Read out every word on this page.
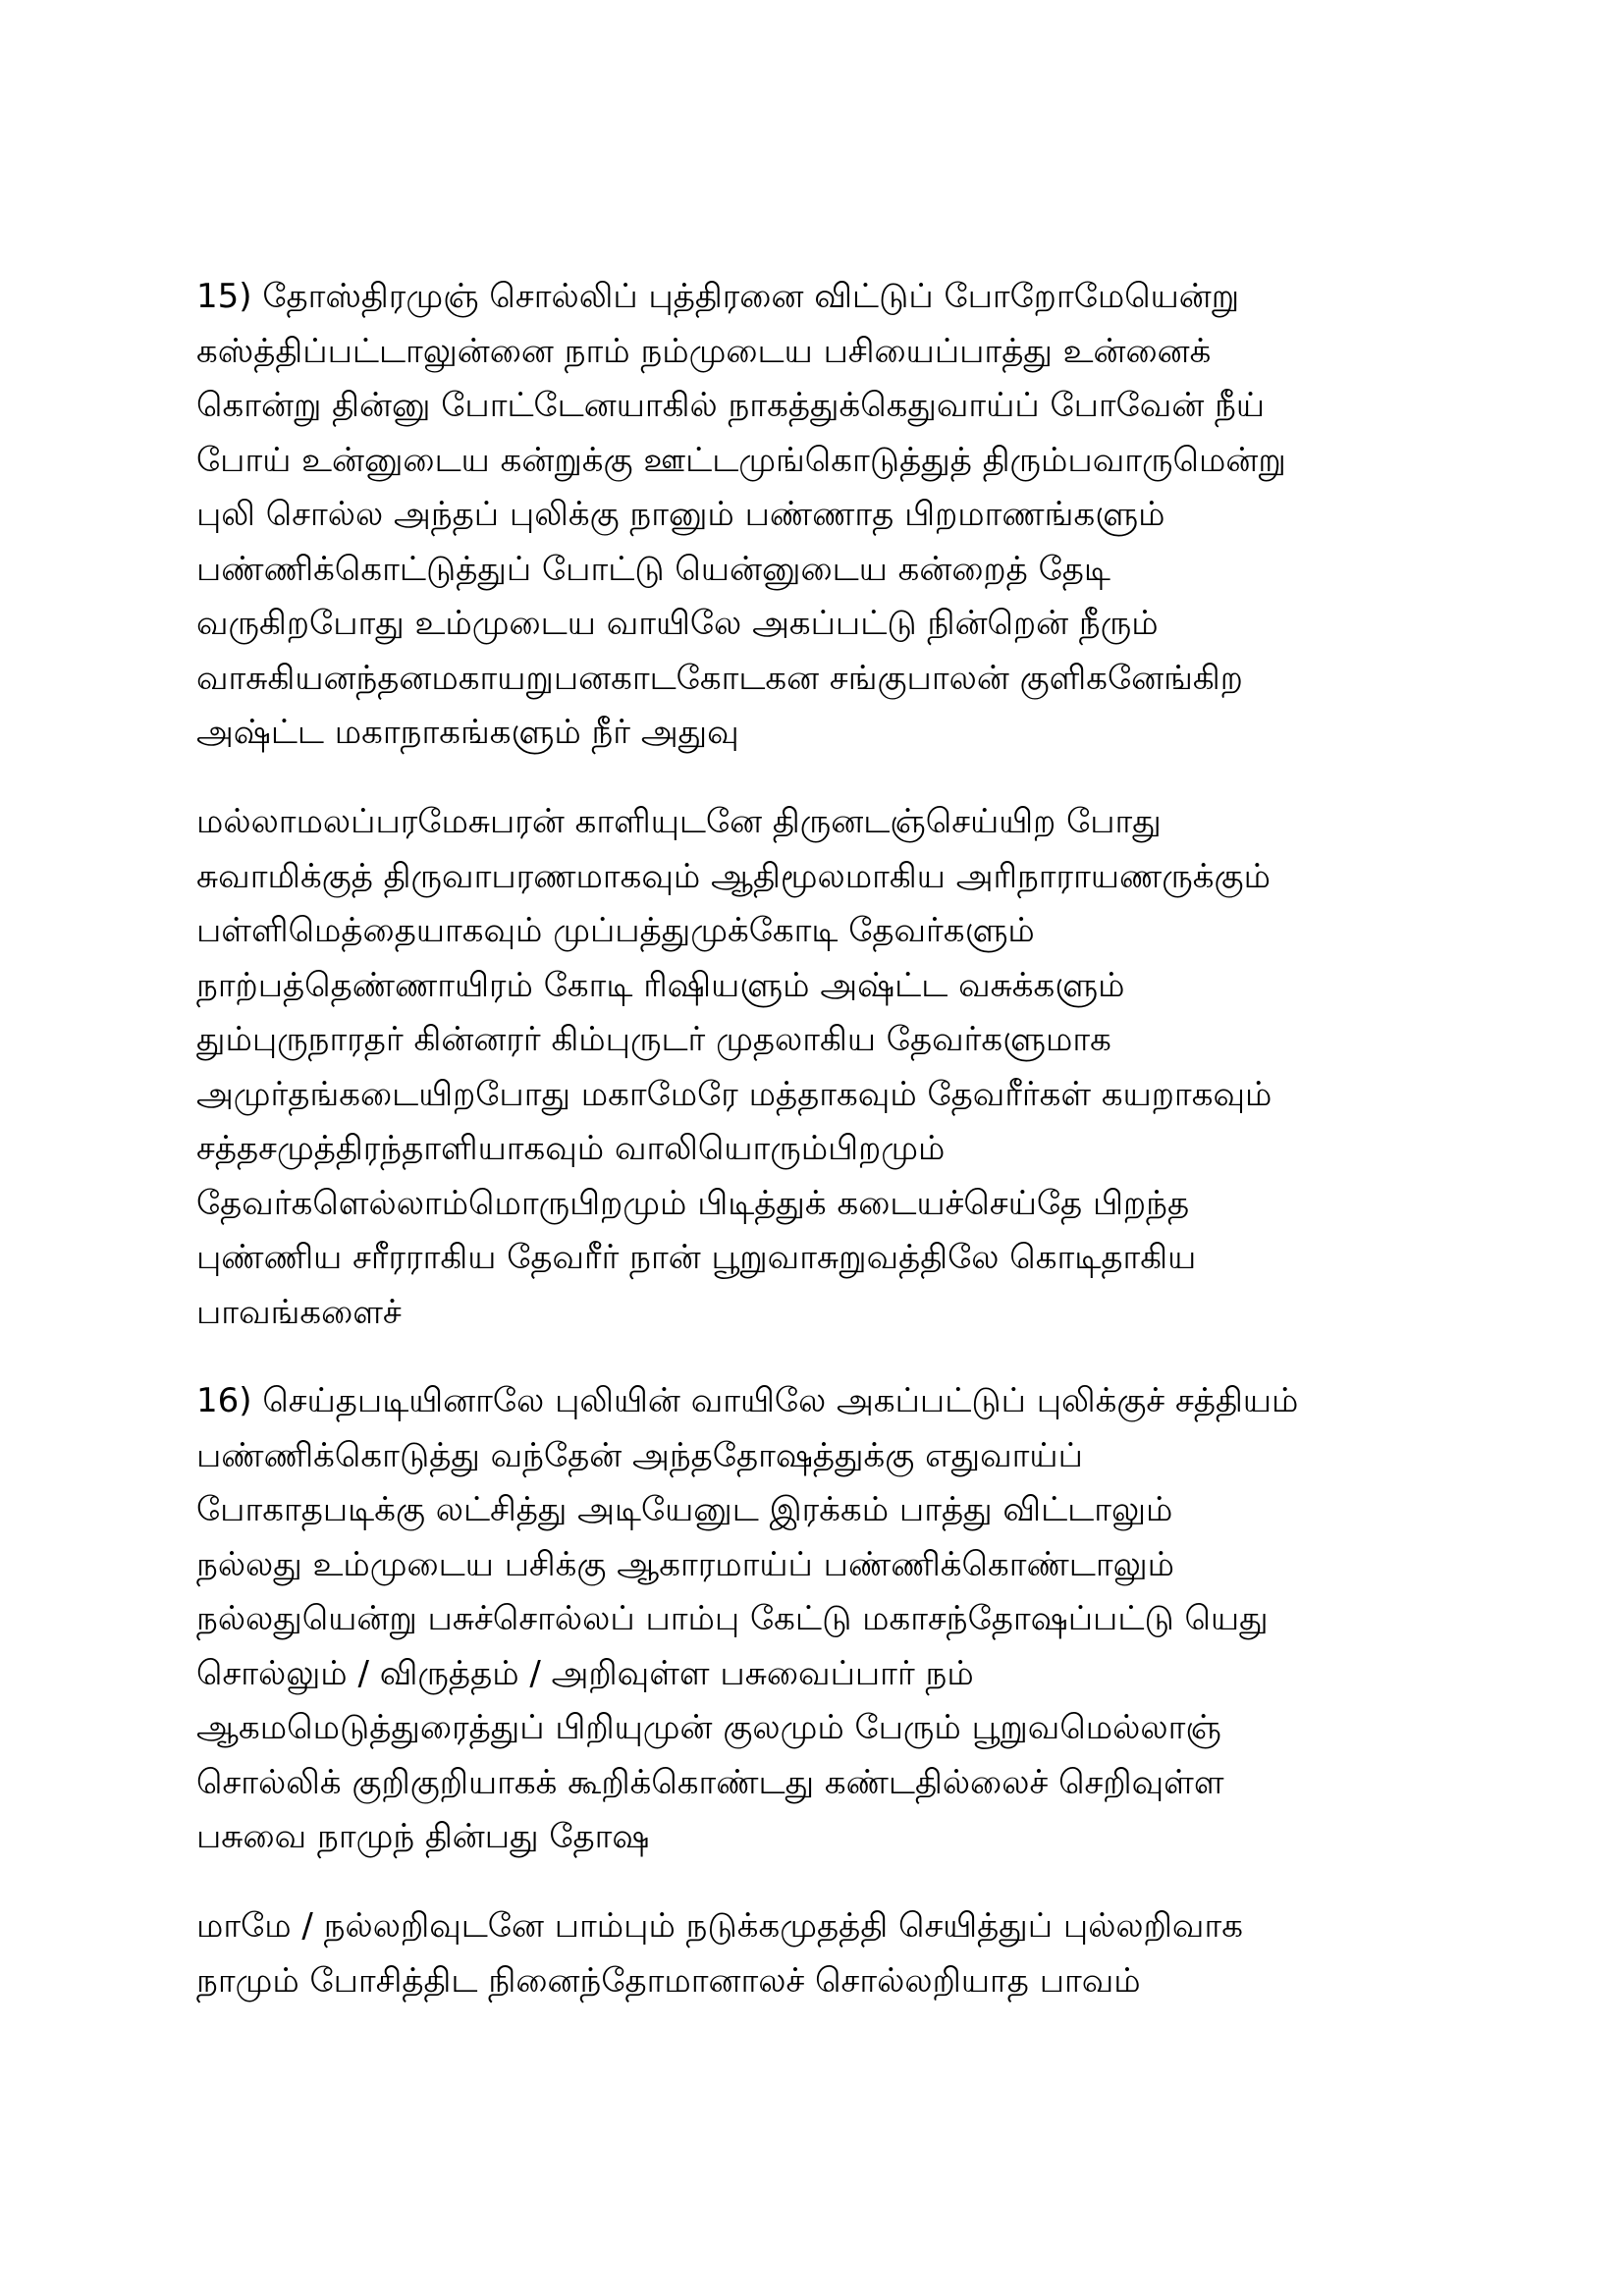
15) தோஸ்திரமுஞ் சொல்லிப் புத்திரனை விட்டுப் போறோமேயென்று
கஸ்த்திப்பட்டாலுன்னை நாம் நம்முடைய பசியைப்பாத்து உன்னைக்
கொன்று தின்னு போட்டேனயாகில் நாகத்துக்கெதுவாய்ப் போவேன் நீய்
போய் உன்னுடைய கன்றுக்கு ஊட்டமுங்கொடுத்துத் திரும்பவாருமென்று
புலி சொல்ல அந்தப் புலிக்கு நானும் பண்ணாத பிறமாணங்களும்
பண்ணிக்கொட்டுத்துப் போட்டு யென்னுடைய கன்றைத் தேடி
வருகிறபோது உம்முடைய வாயிலே அகப்பட்டு நின்றென் நீரும்
வாசுகியனந்தனமகாயறுபனகாடகோடகன சங்குபாலன் குளிகனேங்கிற
அஷ்ட்ட மகாநாகங்களும் நீர் அதுவு
மல்லாமலப்பரமேசுபரன் காளியுடனே திருனடஞ்செய்யிற போது
சுவாமிக்குத் திருவாபரணமாகவும் ஆதிமூலமாகிய அரிநாராயணருக்கும்
பள்ளிமெத்தையாகவும் முப்பத்துமுக்கோடி தேவர்களும்
நாற்பத்தெண்ணாயிரம் கோடி ரிஷியளும் அஷ்ட்ட வசுக்களும்
தும்புருநாரதர் கின்னரர் கிம்புருடர் முதலாகிய தேவர்களுமாக
அமுர்தங்கடையிறபோது மகாமேரே மத்தாகவும் தேவரீர்கள் கயறாகவும்
சத்தசமுத்திரந்தாளியாகவும் வாலியொரும்பிறமும்
தேவர்களெல்லாம்மொருபிறமும் பிடித்துக் கடையச்செய்தே பிறந்த
புண்ணிய சரீரராகிய தேவரீர் நான் பூறுவாசுறுவத்திலே கொடிதாகிய
பாவங்களைச்
16) செய்தபடியினாலே புலியின் வாயிலே அகப்பட்டுப் புலிக்குச் சத்தியம்
பண்ணிக்கொடுத்து வந்தேன் அந்ததோஷத்துக்கு எதுவாய்ப்
போகாதபடிக்கு லட்சித்து அடியேனுட இரக்கம் பாத்து விட்டாலும்
நல்லது உம்முடைய பசிக்கு ஆகாரமாய்ப் பண்ணிக்கொண்டாலும்
நல்லதுயென்று பசுச்சொல்லப் பாம்பு கேட்டு மகாசந்தோஷப்பட்டு யெது
சொல்லும் / விருத்தம் / அறிவுள்ள பசுவைப்பார் நம்
ஆகமமெடுத்துரைத்துப் பிறியுமுன் குலமும் பேரும் பூறுவமெல்லாஞ்
சொல்லிக் குறிகுறியாகக் கூறிக்கொண்டது கண்டதில்லைச் செறிவுள்ள
பசுவை நாமுந் தின்பது தோஷ
மாமே / நல்லறிவுடனே பாம்பும் நடுக்கமுதத்தி செயித்துப் புல்லறிவாக
நாமும் போசித்திட நினைந்தோமானாலச் சொல்லறியாத பாவம்
